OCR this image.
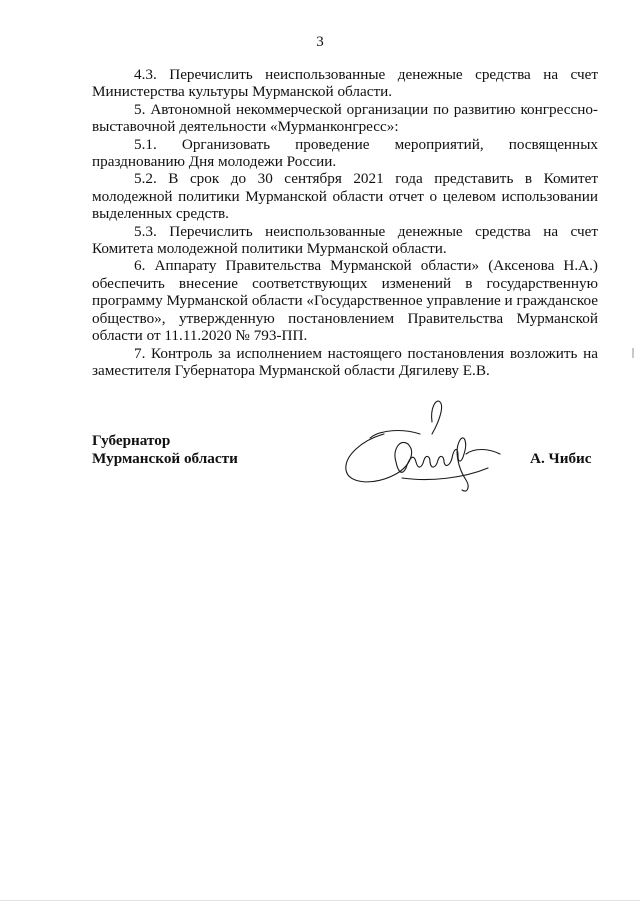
3

4.3. Перечислить неиспользованные денежные средства на счет Министерства культуры Мурманской области.

5. Автономной некоммерческой организации по развитию конгрессно-выставочной деятельности «Мурманконгресс»:

5.1. Организовать проведение мероприятий, посвященных празднованию Дня молодежи России.

5.2. В срок до 30 сентября 2021 года представить в Комитет молодежной политики Мурманской области отчет о целевом использовании выделенных средств.

5.3. Перечислить неиспользованные денежные средства на счет Комитета молодежной политики Мурманской области.

6. Аппарату Правительства Мурманской области» (Аксенова Н.А.) обеспечить внесение соответствующих изменений в государственную программу Мурманской области «Государственное управление и гражданское общество», утвержденную постановлением Правительства Мурманской области от 11.11.2020 № 793-ПП.

7. Контроль за исполнением настоящего постановления возложить на заместителя Губернатора Мурманской области Дягилеву Е.В.

Губернатор
Мурманской области	А. Чибис
